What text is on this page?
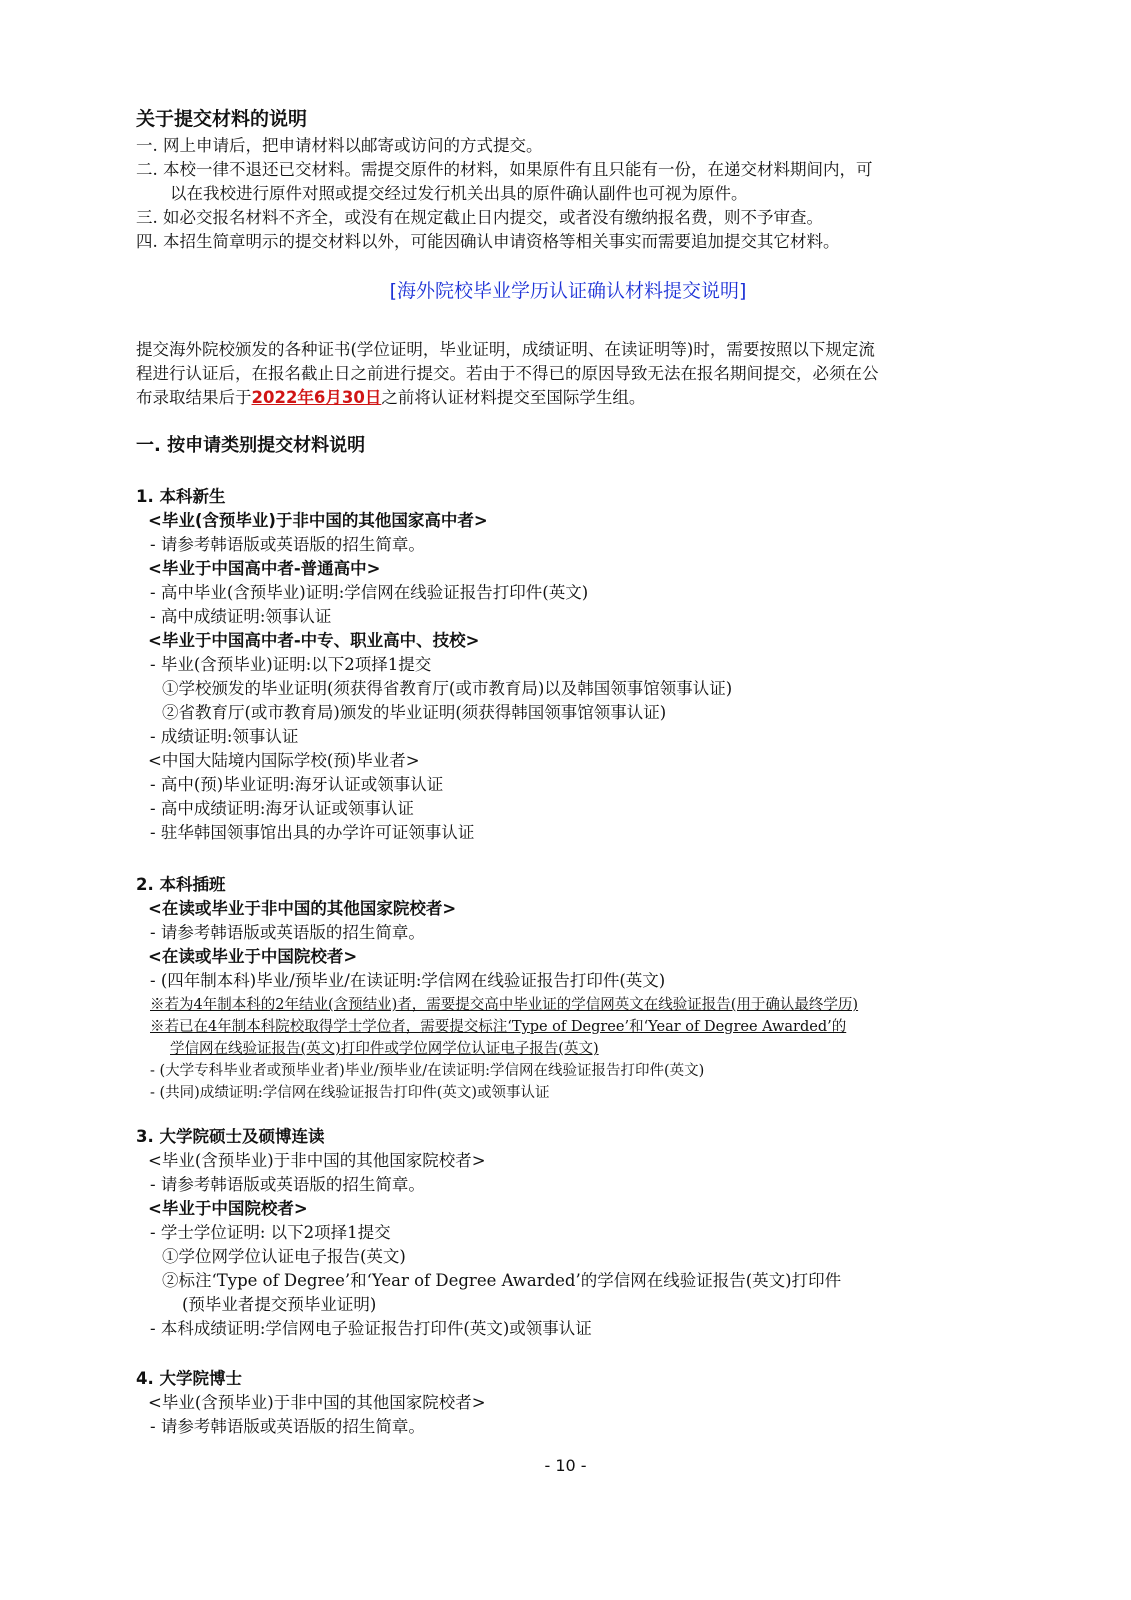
关于提交材料的说明
一. 网上申请后，把申请材料以邮寄或访问的方式提交。
二. 本校一律不退还已交材料。需提交原件的材料，如果原件有且只能有一份，在递交材料期间内，可
以在我校进行原件对照或提交经过发行机关出具的原件确认副件也可视为原件。
三. 如必交报名材料不齐全，或没有在规定截止日内提交，或者没有缴纳报名费，则不予审查。
四. 本招生简章明示的提交材料以外，可能因确认申请资格等相关事实而需要追加提交其它材料。
[海外院校毕业学历认证确认材料提交说明]
提交海外院校颁发的各种证书(学位证明，毕业证明，成绩证明、在读证明等)时，需要按照以下规定流
程进行认证后，在报名截止日之前进行提交。若由于不得已的原因导致无法在报名期间提交，必须在公
布录取结果后于2022年6月30日之前将认证材料提交至国际学生组。
一. 按申请类别提交材料说明
1. 本科新生
<毕业(含预毕业)于非中国的其他国家高中者>
- 请参考韩语版或英语版的招生简章。
<毕业于中国高中者-普通高中>
- 高中毕业(含预毕业)证明:学信网在线验证报告打印件(英文)
- 高中成绩证明:领事认证
<毕业于中国高中者-中专、职业高中、技校>
- 毕业(含预毕业)证明:以下2项择1提交
①学校颁发的毕业证明(须获得省教育厅(或市教育局)以及韩国领事馆领事认证)
②省教育厅(或市教育局)颁发的毕业证明(须获得韩国领事馆领事认证)
- 成绩证明:领事认证
<中国大陆境内国际学校(预)毕业者>
- 高中(预)毕业证明:海牙认证或领事认证
- 高中成绩证明:海牙认证或领事认证
- 驻华韩国领事馆出具的办学许可证领事认证
2. 本科插班
<在读或毕业于非中国的其他国家院校者>
- 请参考韩语版或英语版的招生简章。
<在读或毕业于中国院校者>
- (四年制本科)毕业/预毕业/在读证明:学信网在线验证报告打印件(英文)
※若为4年制本科的2年结业(含预结业)者，需要提交高中毕业证的学信网英文在线验证报告(用于确认最终学历)
※若已在4年制本科院校取得学士学位者，需要提交标注‘Type of Degree’和‘Year of Degree Awarded’的
学信网在线验证报告(英文)打印件或学位网学位认证电子报告(英文)
- (大学专科毕业者或预毕业者)毕业/预毕业/在读证明:学信网在线验证报告打印件(英文)
- (共同)成绩证明:学信网在线验证报告打印件(英文)或领事认证
3. 大学院硕士及硕博连读
<毕业(含预毕业)于非中国的其他国家院校者>
- 请参考韩语版或英语版的招生简章。
<毕业于中国院校者>
- 学士学位证明: 以下2项择1提交
①学位网学位认证电子报告(英文)
②标注‘Type of Degree’和‘Year of Degree Awarded’的学信网在线验证报告(英文)打印件
(预毕业者提交预毕业证明)
- 本科成绩证明:学信网电子验证报告打印件(英文)或领事认证
4. 大学院博士
<毕业(含预毕业)于非中国的其他国家院校者>
- 请参考韩语版或英语版的招生简章。
- 10 -
